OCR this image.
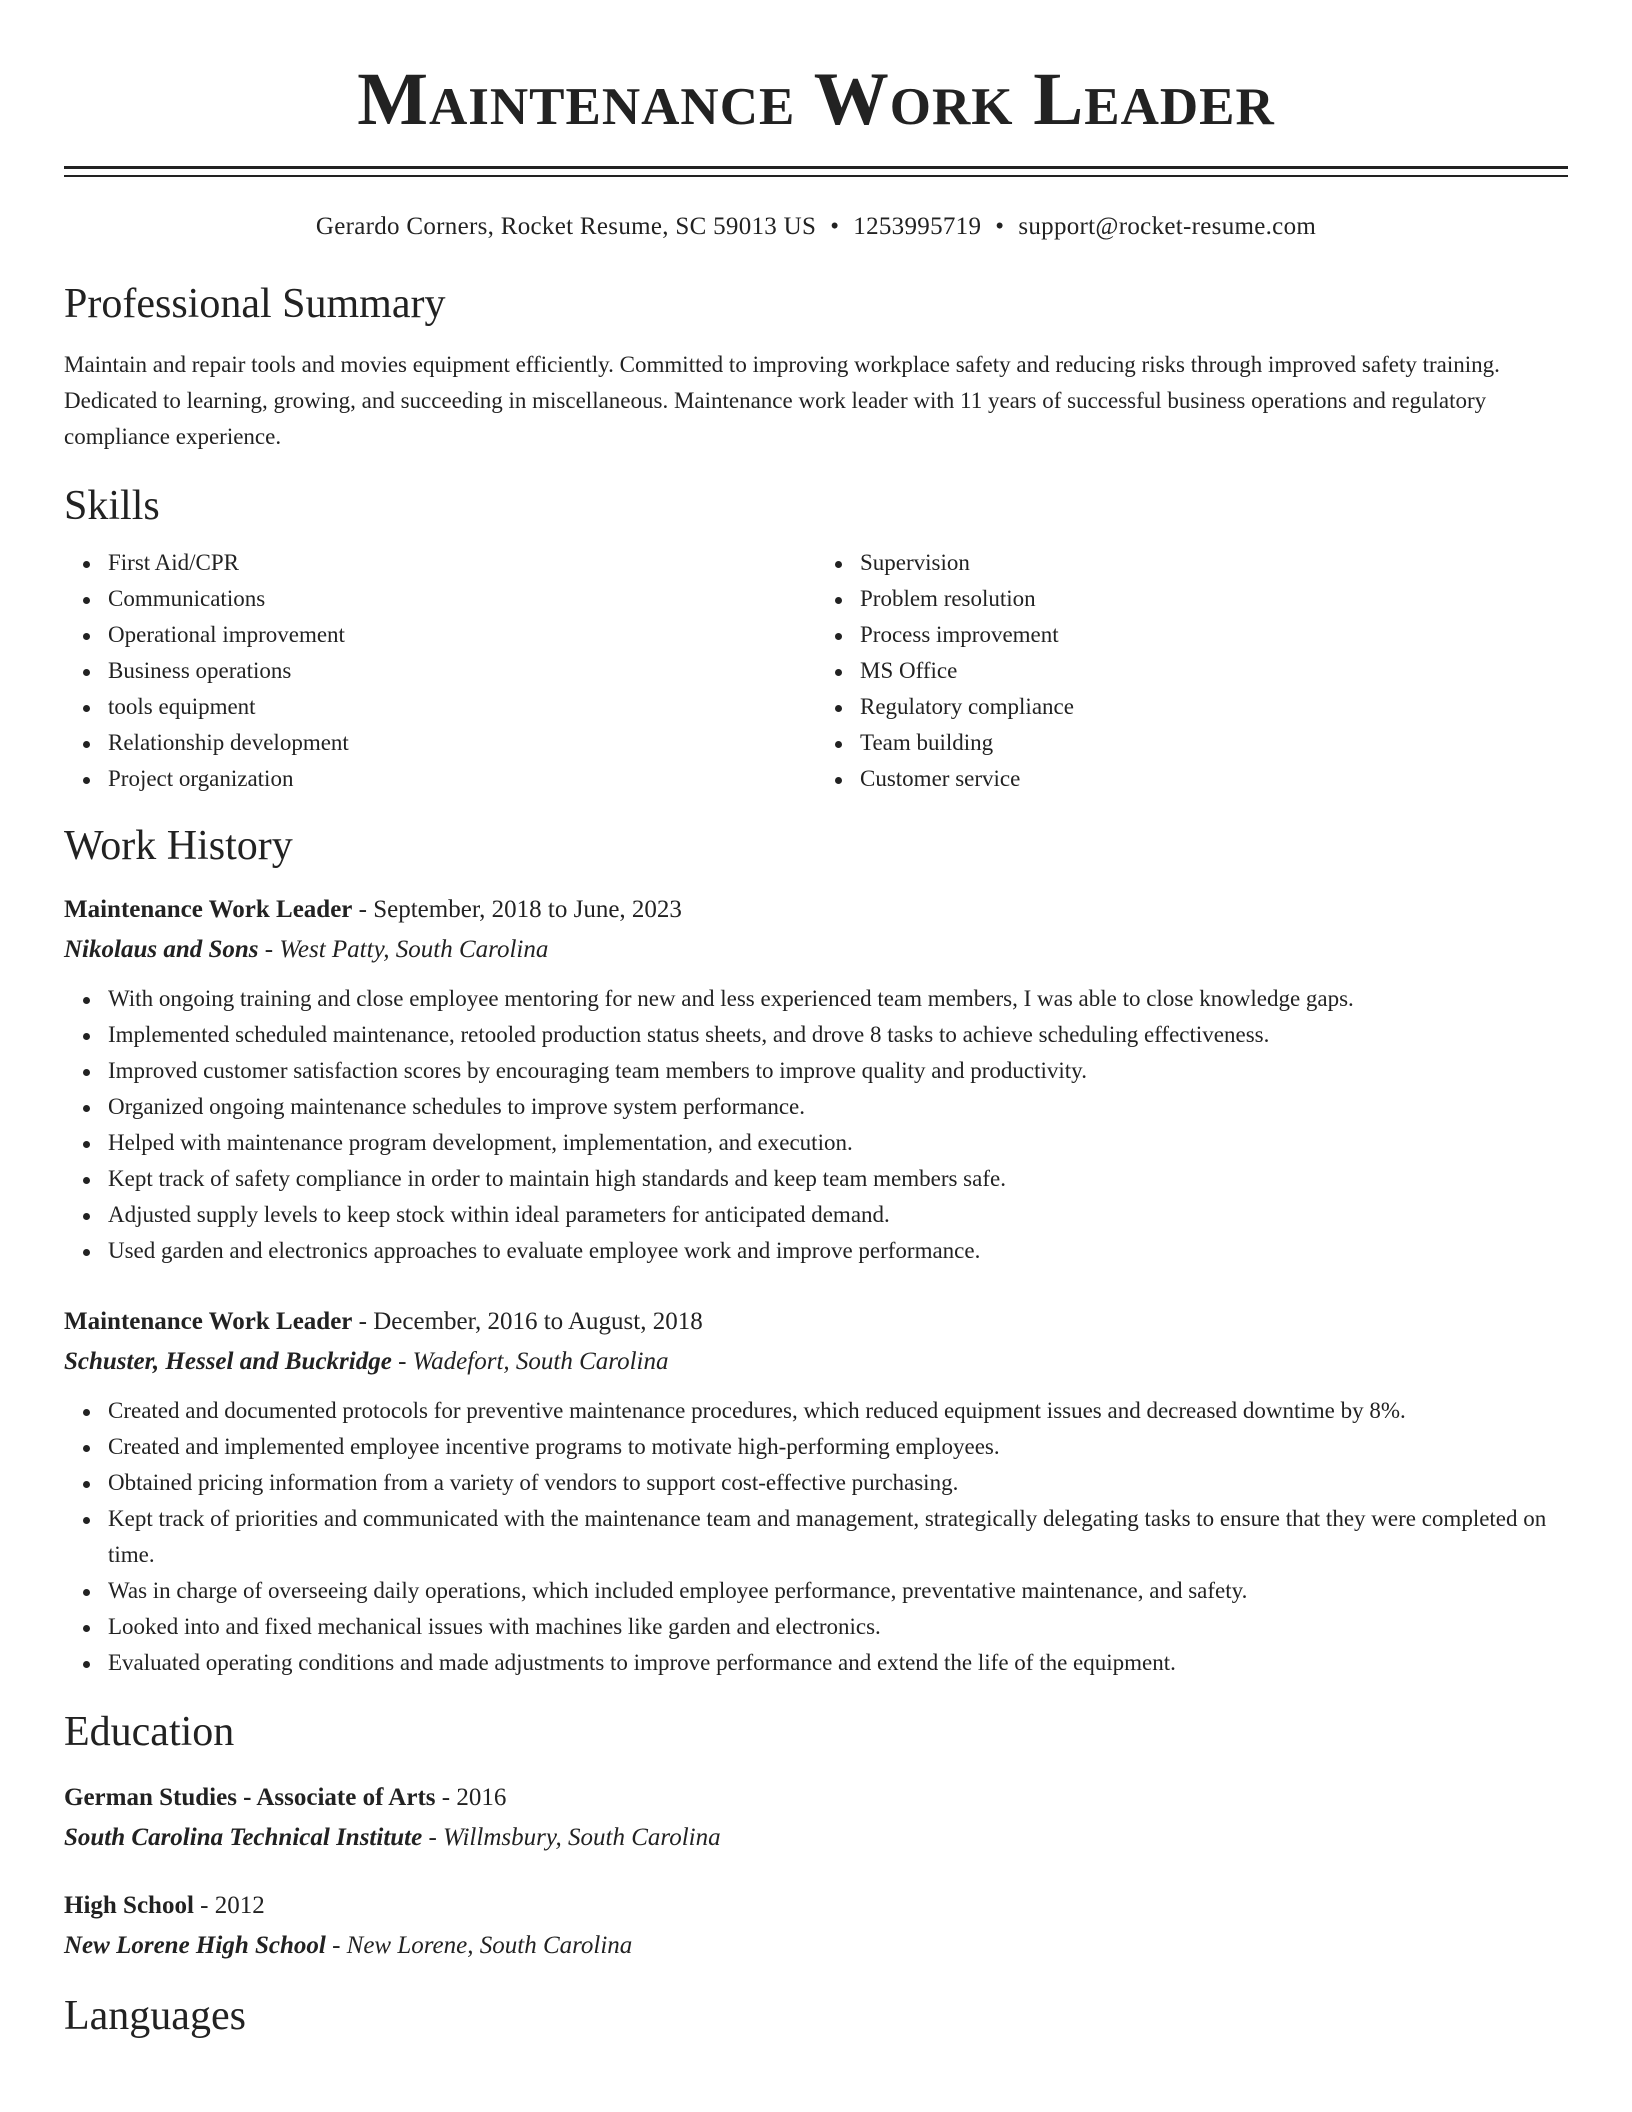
Maintenance Work Leader
Gerardo Corners, Rocket Resume, SC 59013 US • 1253995719 • support@rocket-resume.com
Professional Summary

Maintain and repair tools and movies equipment efficiently. Committed to improving workplace safety and reducing risks through improved safety training. Dedicated to learning, growing, and succeeding in miscellaneous. Maintenance work leader with 11 years of successful business operations and regulatory compliance experience.

Skills
First Aid/CPR
Communications
Operational improvement
Business operations
tools equipment
Relationship development
Project organization
Supervision
Problem resolution
Process improvement
MS Office
Regulatory compliance
Team building
Customer service
Work History

Maintenance Work Leader - September, 2018 to June, 2023

Nikolaus and Sons - West Patty, South Carolina

With ongoing training and close employee mentoring for new and less experienced team members, I was able to close knowledge gaps.
Implemented scheduled maintenance, retooled production status sheets, and drove 8 tasks to achieve scheduling effectiveness.
Improved customer satisfaction scores by encouraging team members to improve quality and productivity.
Organized ongoing maintenance schedules to improve system performance.
Helped with maintenance program development, implementation, and execution.
Kept track of safety compliance in order to maintain high standards and keep team members safe.
Adjusted supply levels to keep stock within ideal parameters for anticipated demand.
Used garden and electronics approaches to evaluate employee work and improve performance.

Maintenance Work Leader - December, 2016 to August, 2018

Schuster, Hessel and Buckridge - Wadefort, South Carolina

Created and documented protocols for preventive maintenance procedures, which reduced equipment issues and decreased downtime by 8%.
Created and implemented employee incentive programs to motivate high-performing employees.
Obtained pricing information from a variety of vendors to support cost-effective purchasing.
Kept track of priorities and communicated with the maintenance team and management, strategically delegating tasks to ensure that they were completed on time.
Was in charge of overseeing daily operations, which included employee performance, preventative maintenance, and safety.
Looked into and fixed mechanical issues with machines like garden and electronics.
Evaluated operating conditions and made adjustments to improve performance and extend the life of the equipment.
Education

German Studies - Associate of Arts - 2016

South Carolina Technical Institute - Willmsbury, South Carolina

High School - 2012

New Lorene High School - New Lorene, South Carolina

Languages
